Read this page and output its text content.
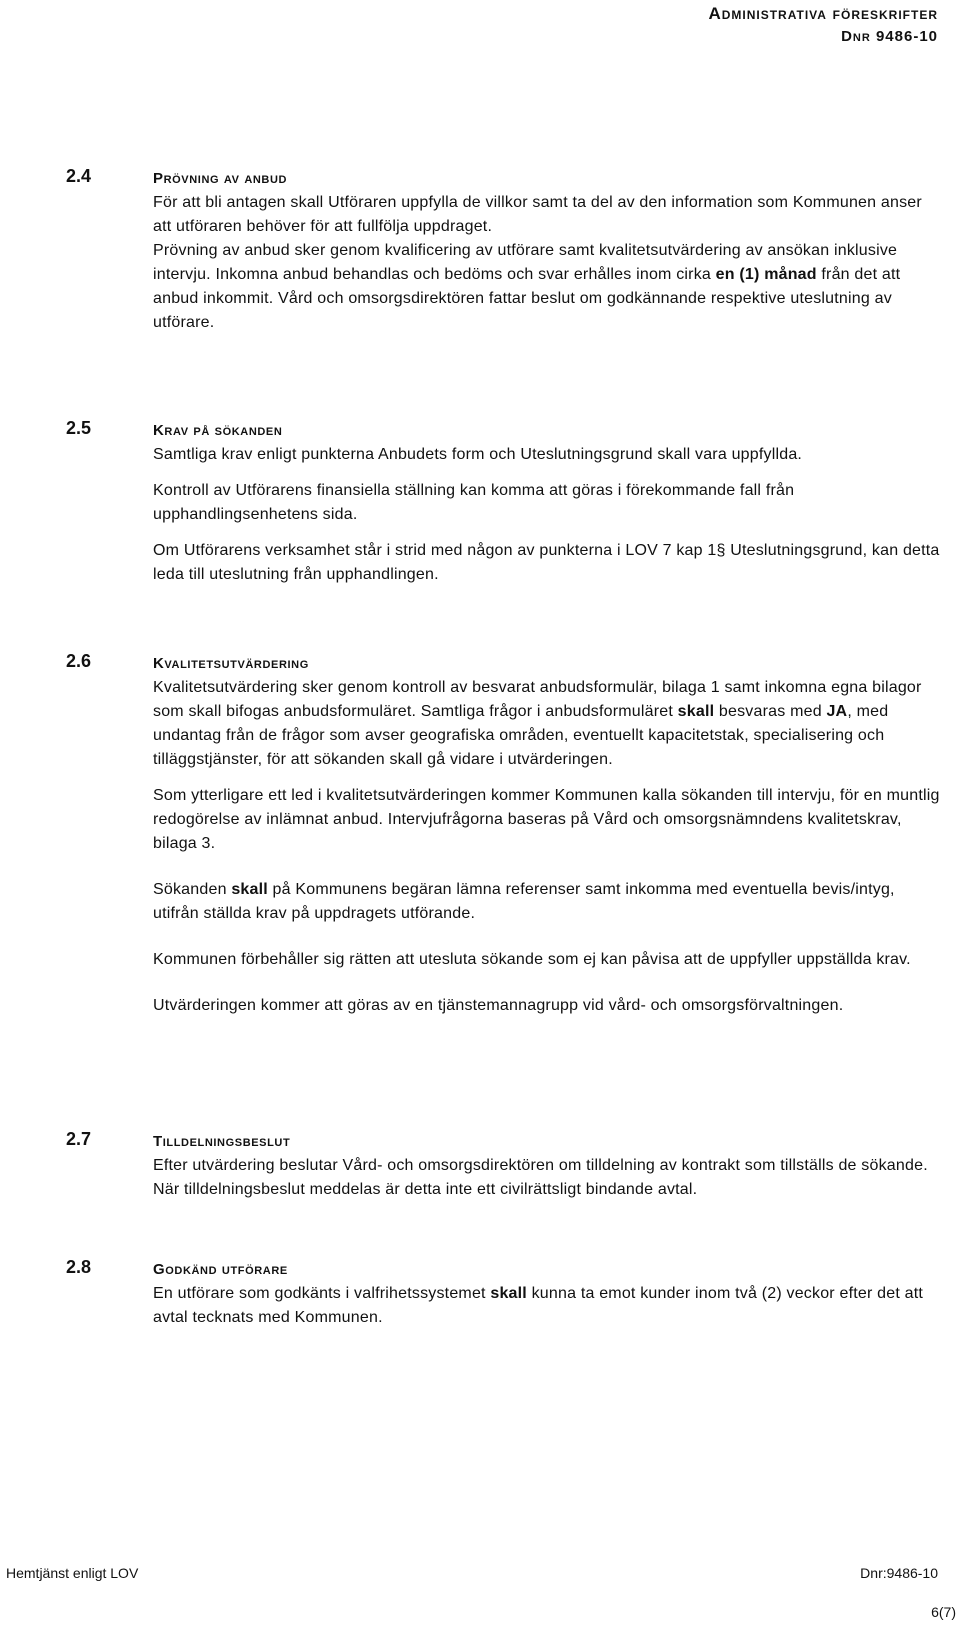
Administrativa föreskrifter
Dnr 9486-10
2.4	Prövning av anbud

För att bli antagen skall Utföraren uppfylla de villkor samt ta del av den information som Kommunen anser att utföraren behöver för att fullfölja uppdraget.

Prövning av anbud sker genom kvalificering av utförare samt kvalitetsutvärdering av ansökan inklusive intervju. Inkomna anbud behandlas och bedöms och svar erhålles inom cirka en (1) månad från det att anbud inkommit. Vård och omsorgsdirektören fattar beslut om godkännande respektive uteslutning av utförare.

2.5	Krav på sökanden

Samtliga krav enligt punkterna Anbudets form och Uteslutningsgrund skall vara uppfyllda.

Kontroll av Utförarens finansiella ställning kan komma att göras i förekommande fall från upphandlingsenhetens sida.

Om Utförarens verksamhet står i strid med någon av punkterna i LOV 7 kap 1§ Uteslutningsgrund, kan detta leda till uteslutning från upphandlingen.

2.6	Kvalitetsutvärdering

Kvalitetsutvärdering sker genom kontroll av besvarat anbudsformulär, bilaga 1 samt inkomna egna bilagor som skall bifogas anbudsformuläret. Samtliga frågor i anbudsformuläret skall besvaras med JA, med undantag från de frågor som avser geografiska områden, eventuellt kapacitetstak, specialisering och tilläggstjänster, för att sökanden skall gå vidare i utvärderingen.

Som ytterligare ett led i kvalitetsutvärderingen kommer Kommunen kalla sökanden till intervju, för en muntlig redogörelse av inlämnat anbud. Intervjufrågorna baseras på Vård och omsorgsnämndens kvalitetskrav, bilaga 3.

Sökanden skall på Kommunens begäran lämna referenser samt inkomma med eventuella bevis/intyg, utifrån ställda krav på uppdragets utförande.

Kommunen förbehåller sig rätten att utesluta sökande som ej kan påvisa att de uppfyller uppställda krav.

Utvärderingen kommer att göras av en tjänstemannagrupp vid vård- och omsorgsförvaltningen.

2.7	Tilldelningsbeslut

Efter utvärdering beslutar Vård- och omsorgsdirektören om tilldelning av kontrakt som tillställs de sökande. När tilldelningsbeslut meddelas är detta inte ett civilrättsligt bindande avtal.

2.8	Godkänd utförare

En utförare som godkänts i valfrihetssystemet skall kunna ta emot kunder inom två (2) veckor efter det att avtal tecknats med Kommunen.

Hemtjänst enligt LOV	Dnr:9486-10
6(7)
